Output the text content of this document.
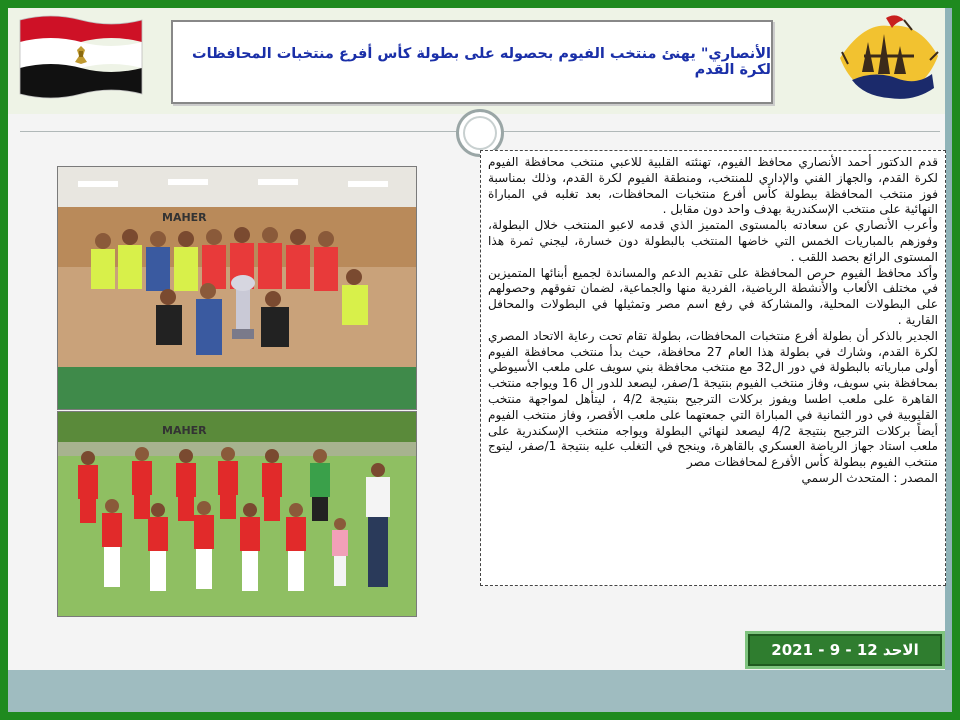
الأنصاري" يهنئ منتخب الفيوم بحصوله على بطولة كأس أفرع منتخبات المحافظات لكرة القدم
MAHER
MAHER

قدم الدكتور أحمد الأنصاري محافظ الفيوم، تهنئته القلبية للاعبي منتخب محافظة الفيوم لكرة القدم، والجهاز الفني والإداري للمنتخب، ومنطقة الفيوم لكرة القدم، وذلك بمناسبة فوز منتخب المحافظة ببطولة كأس أفرع منتخبات المحافظات، بعد تغلبه في المباراة النهائية على منتخب الإسكندرية بهدف واحد دون مقابل .

وأعرب الأنصاري عن سعادته بالمستوى المتميز الذي قدمه لاعبو المنتخب خلال البطولة، وفوزهم بالمباريات الخمس التي خاضها المنتخب بالبطولة دون خسارة، ليجني ثمرة هذا المستوى الرائع بحصد اللقب .

وأكد محافظ الفيوم حرص المحافظة على تقديم الدعم والمساندة لجميع أبنائها المتميزين في مختلف الألعاب والأنشطة الرياضية، الفردية منها والجماعية، لضمان تفوقهم وحصولهم على البطولات المحلية، والمشاركة في رفع اسم مصر وتمثيلها في البطولات والمحافل القارية .

الجدير بالذكر أن بطولة أفرع منتخبات المحافظات، بطولة تقام تحت رعاية الاتحاد المصري لكرة القدم، وشارك في بطولة هذا العام 27 محافظة، حيث بدأ منتخب محافظة الفيوم أولى مبارياته بالبطولة في دور ال32 مع منتخب محافظة بني سويف على ملعب الأسيوطي بمحافظة بني سويف، وفاز منتخب الفيوم بنتيجة 1/صفر، ليصعد للدور ال 16 ويواجه منتخب القاهرة على ملعب اطسا ويفوز بركلات الترجيح بنتيجة 4/2 ، ليتأهل لمواجهة منتخب القليوبية في دور الثمانية في المباراة التي جمعتهما على ملعب الأقصر، وفاز منتخب الفيوم أيضاً بركلات الترجيح بنتيجة 4/2 ليصعد لنهائي البطولة ويواجه منتخب الإسكندرية على ملعب استاد جهاز الرياضة العسكري بالقاهرة، وينجح في التغلب عليه بنتيجة 1/صفر، ليتوج منتخب الفيوم ببطولة كأس الأفرع لمحافظات مصر

المصدر : المتحدث الرسمي

الاحد 12 - 9 - 2021
